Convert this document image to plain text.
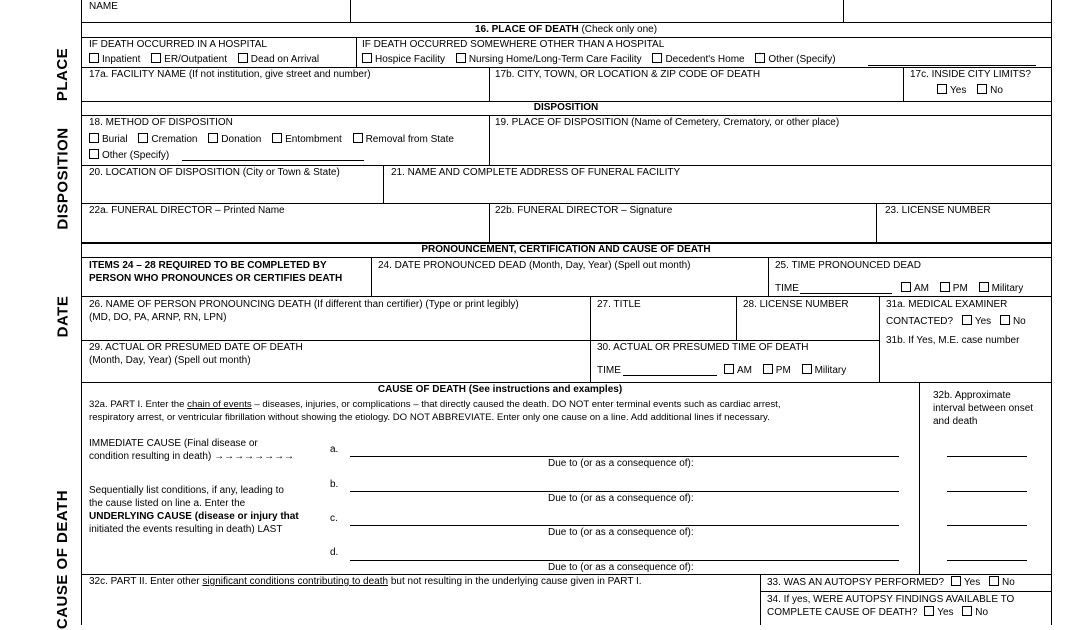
PLACE
DISPOSITION
DATE
CAUSE OF DEATH
NAME
16. PLACE OF DEATH (Check only one)
IF DEATH OCCURRED IN A HOSPITAL
Inpatient ER/Outpatient Dead on Arrival
IF DEATH OCCURRED SOMEWHERE OTHER THAN A HOSPITAL
Hospice Facility Nursing Home/Long-Term Care Facility Decedent's Home Other (Specify)
17a. FACILITY NAME (If not institution, give street and number)	17b. CITY, TOWN, OR LOCATION & ZIP CODE OF DEATH	17c. INSIDE CITY LIMITS?
Yes No
DISPOSITION
18. METHOD OF DISPOSITION
Burial Cremation Donation Entombment Removal from State
Other (Specify)
19. PLACE OF DISPOSITION (Name of Cemetery, Crematory, or other place)
20. LOCATION OF DISPOSITION (City or Town & State)	21. NAME AND COMPLETE ADDRESS OF FUNERAL FACILITY
22a. FUNERAL DIRECTOR – Printed Name	22b. FUNERAL DIRECTOR – Signature	23. LICENSE NUMBER
PRONOUNCEMENT, CERTIFICATION AND CAUSE OF DEATH
ITEMS 24 – 28 REQUIRED TO BE COMPLETED BY
PERSON WHO PRONOUNCES OR CERTIFIES DEATH
24. DATE PRONOUNCED DEAD (Month, Day, Year) (Spell out month)	25. TIME PRONOUNCED DEAD
TIME	AM PM Military
26. NAME OF PERSON PRONOUNCING DEATH (If different than certifier) (Type or print legibly)
(MD, DO, PA, ARNP, RN, LPN)
27. TITLE	28. LICENSE NUMBER	31a. MEDICAL EXAMINER
CONTACTED? Yes No
31b. If Yes, M.E. case number
29. ACTUAL OR PRESUMED DATE OF DEATH
(Month, Day, Year) (Spell out month)
30. ACTUAL OR PRESUMED TIME OF DEATH
TIME	AM PM Military
CAUSE OF DEATH (See instructions and examples)
32a. PART I. Enter the chain of events – diseases, injuries, or complications – that directly caused the death. DO NOT enter terminal events such as cardiac arrest,
respiratory arrest, or ventricular fibrillation without showing the etiology. DO NOT ABBREVIATE. Enter only one cause on a line. Add additional lines if necessary.
32b. Approximate
interval between onset
and death
IMMEDIATE CAUSE (Final disease or
condition resulting in death) →→→→→→→→
Sequentially list conditions, if any, leading to
the cause listed on line a. Enter the
UNDERLYING CAUSE (disease or injury that
initiated the events resulting in death) LAST
a.
Due to (or as a consequence of):
b.
Due to (or as a consequence of):
c.
Due to (or as a consequence of):
d.
Due to (or as a consequence of):
32c. PART II. Enter other significant conditions contributing to death but not resulting in the underlying cause given in PART I.	33. WAS AN AUTOPSY PERFORMED? Yes No
34. If yes, WERE AUTOPSY FINDINGS AVAILABLE TO
COMPLETE CAUSE OF DEATH? Yes No
